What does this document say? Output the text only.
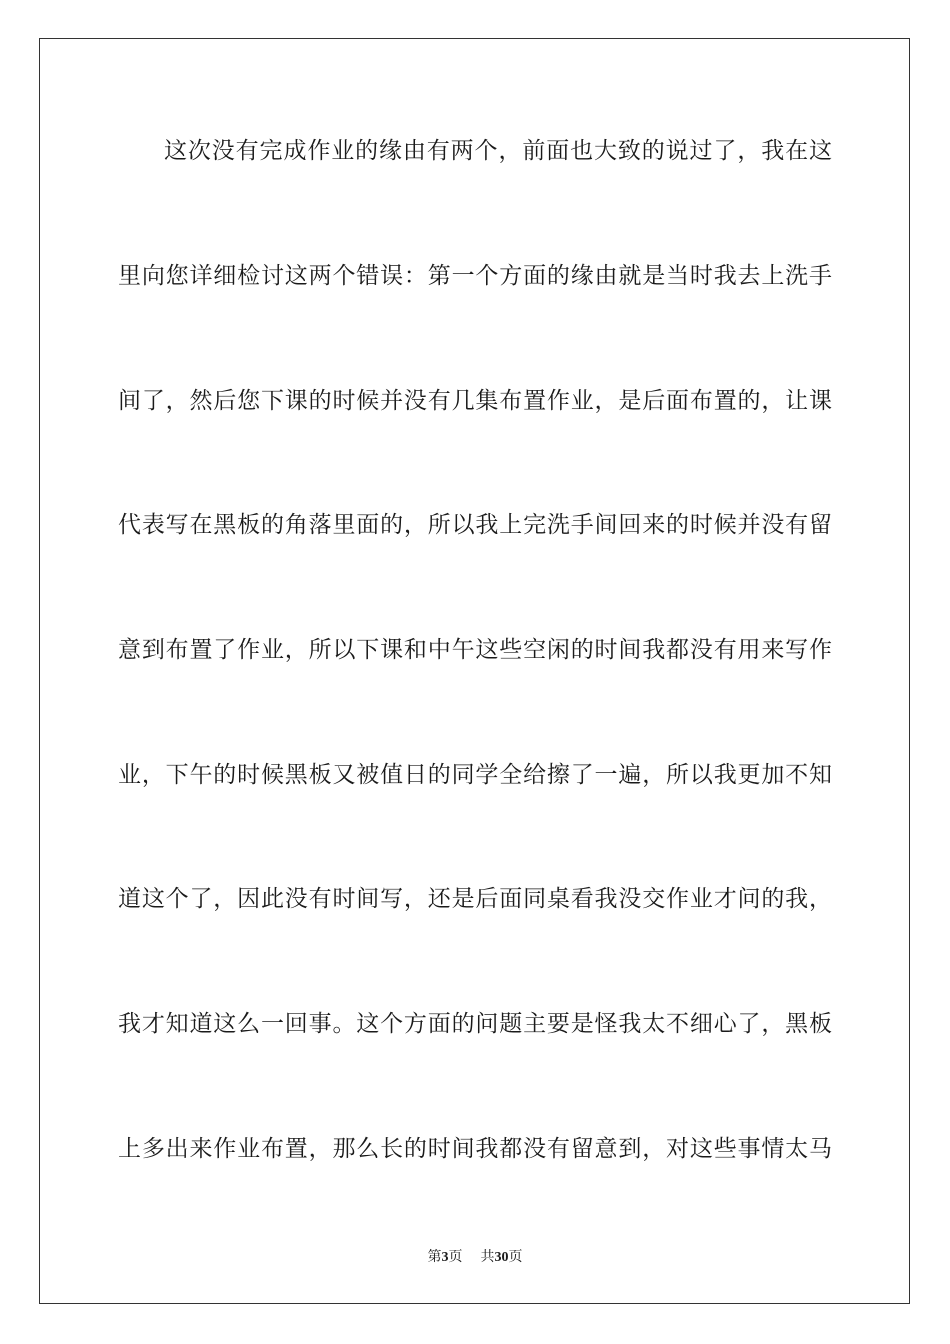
这次没有完成作业的缘由有两个，前面也大致的说过了，我在这
里向您详细检讨这两个错误：第一个方面的缘由就是当时我去上洗手
间了，然后您下课的时候并没有几集布置作业，是后面布置的，让课
代表写在黑板的角落里面的，所以我上完洗手间回来的时候并没有留
意到布置了作业，所以下课和中午这些空闲的时间我都没有用来写作
业，下午的时候黑板又被值日的同学全给擦了一遍，所以我更加不知
道这个了，因此没有时间写，还是后面同桌看我没交作业才问的我，
我才知道这么一回事。这个方面的问题主要是怪我太不细心了，黑板
上多出来作业布置，那么长的时间我都没有留意到，对这些事情太马
第3页 共30页
